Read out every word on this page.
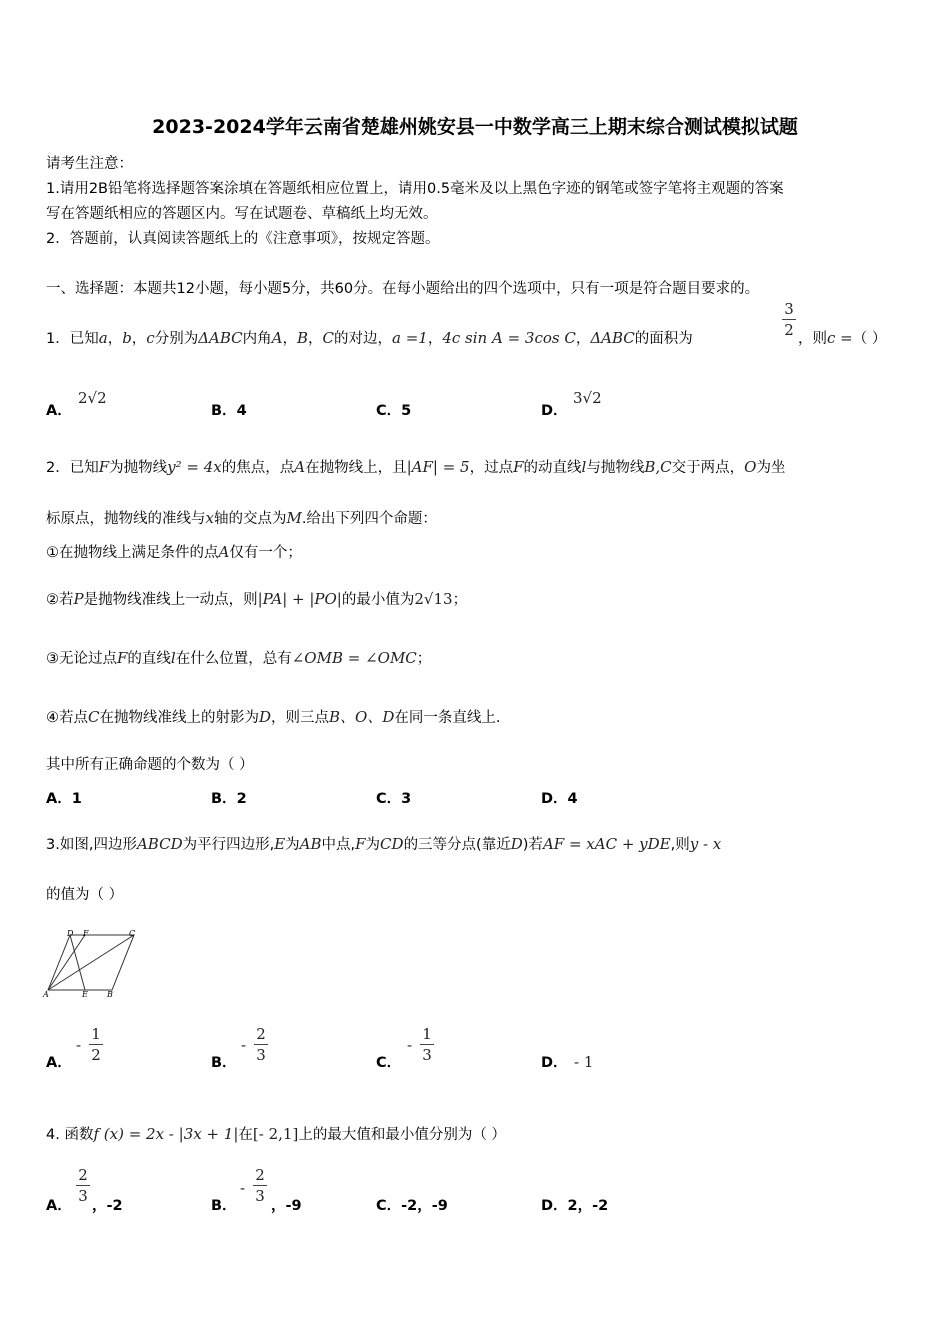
2023-2024学年云南省楚雄州姚安县一中数学高三上期末综合测试模拟试题
请考生注意：
1.请用2B铅笔将选择题答案涂填在答题纸相应位置上，请用0.5毫米及以上黑色字迹的钢笔或签字笔将主观题的答案
写在答题纸相应的答题区内。写在试题卷、草稿纸上均无效。
2．答题前，认真阅读答题纸上的《注意事项》，按规定答题。
一、选择题：本题共12小题，每小题5分，共60分。在每小题给出的四个选项中，只有一项是符合题目要求的。
1．已知a，b，c分别为ΔABC内角A，B，C的对边，a =1，4c sin A = 3cos C，ΔABC的面积为
3
2 ，则c =（ ）
A．
2√2
B．4	C．5	D．
3√2
2．已知F为抛物线y² = 4x的焦点，点A在抛物线上，且|AF| = 5，过点F的动直线l与抛物线B,C交于两点，O为坐
标原点，抛物线的准线与x轴的交点为M.给出下列四个命题：
①在抛物线上满足条件的点A仅有一个；
②若P是抛物线准线上一动点，则|PA| + |PO|的最小值为2√13；
③无论过点F的直线l在什么位置，总有∠OMB = ∠OMC；
④若点C在抛物线准线上的射影为D，则三点B、O、D在同一条直线上.
其中所有正确命题的个数为（ ）
A．1	B．2	C．3	D．4
3.如图,四边形ABCD为平行四边形,E为AB中点,F为CD的三等分点(靠近D)若AF = xAC + yDE,则y - x
的值为（ ）
D F	C
A	E B
A．
-
1
2	B．
-
2
3	C．
-
1
3	D． - 1
4. 函数f (x) = 2x - |3x + 1|在[- 2,1]上的最大值和最小值分别为（ ）
A．
2
3
，-2	B．
-
2
3
，-9	C．-2，-9	D．2，-2
